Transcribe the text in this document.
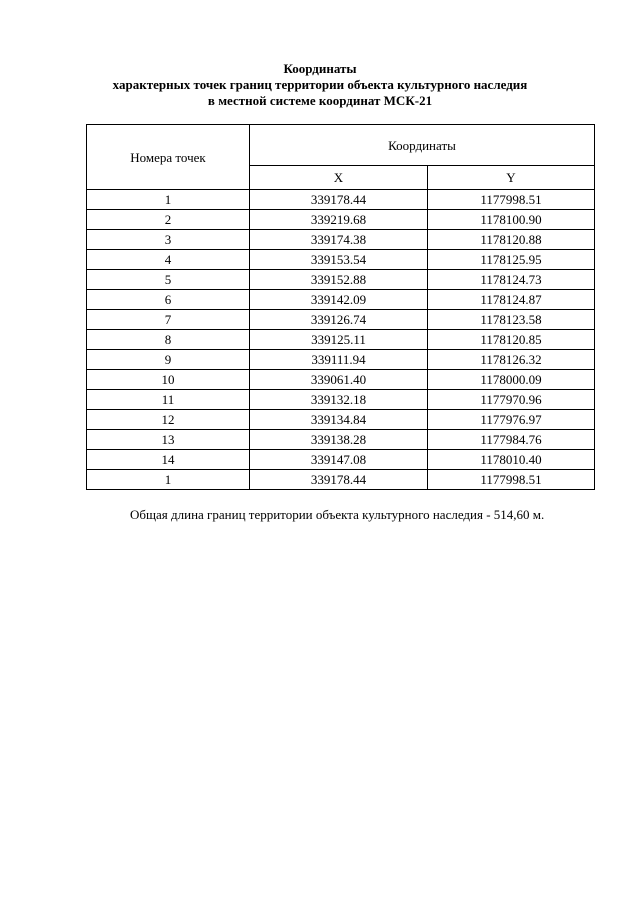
Координаты
характерных точек границ территории объекта культурного наследия
в местной системе координат МСК-21
Номера точек	Координаты	
	X	Y
1	339178.44	1177998.51
2	339219.68	1178100.90
3	339174.38	1178120.88
4	339153.54	1178125.95
5	339152.88	1178124.73
6	339142.09	1178124.87
7	339126.74	1178123.58
8	339125.11	1178120.85
9	339111.94	1178126.32
10	339061.40	1178000.09
11	339132.18	1177970.96
12	339134.84	1177976.97
13	339138.28	1177984.76
14	339147.08	1178010.40
1	339178.44	1177998.51
Общая длина границ территории объекта культурного наследия - 514,60 м.
